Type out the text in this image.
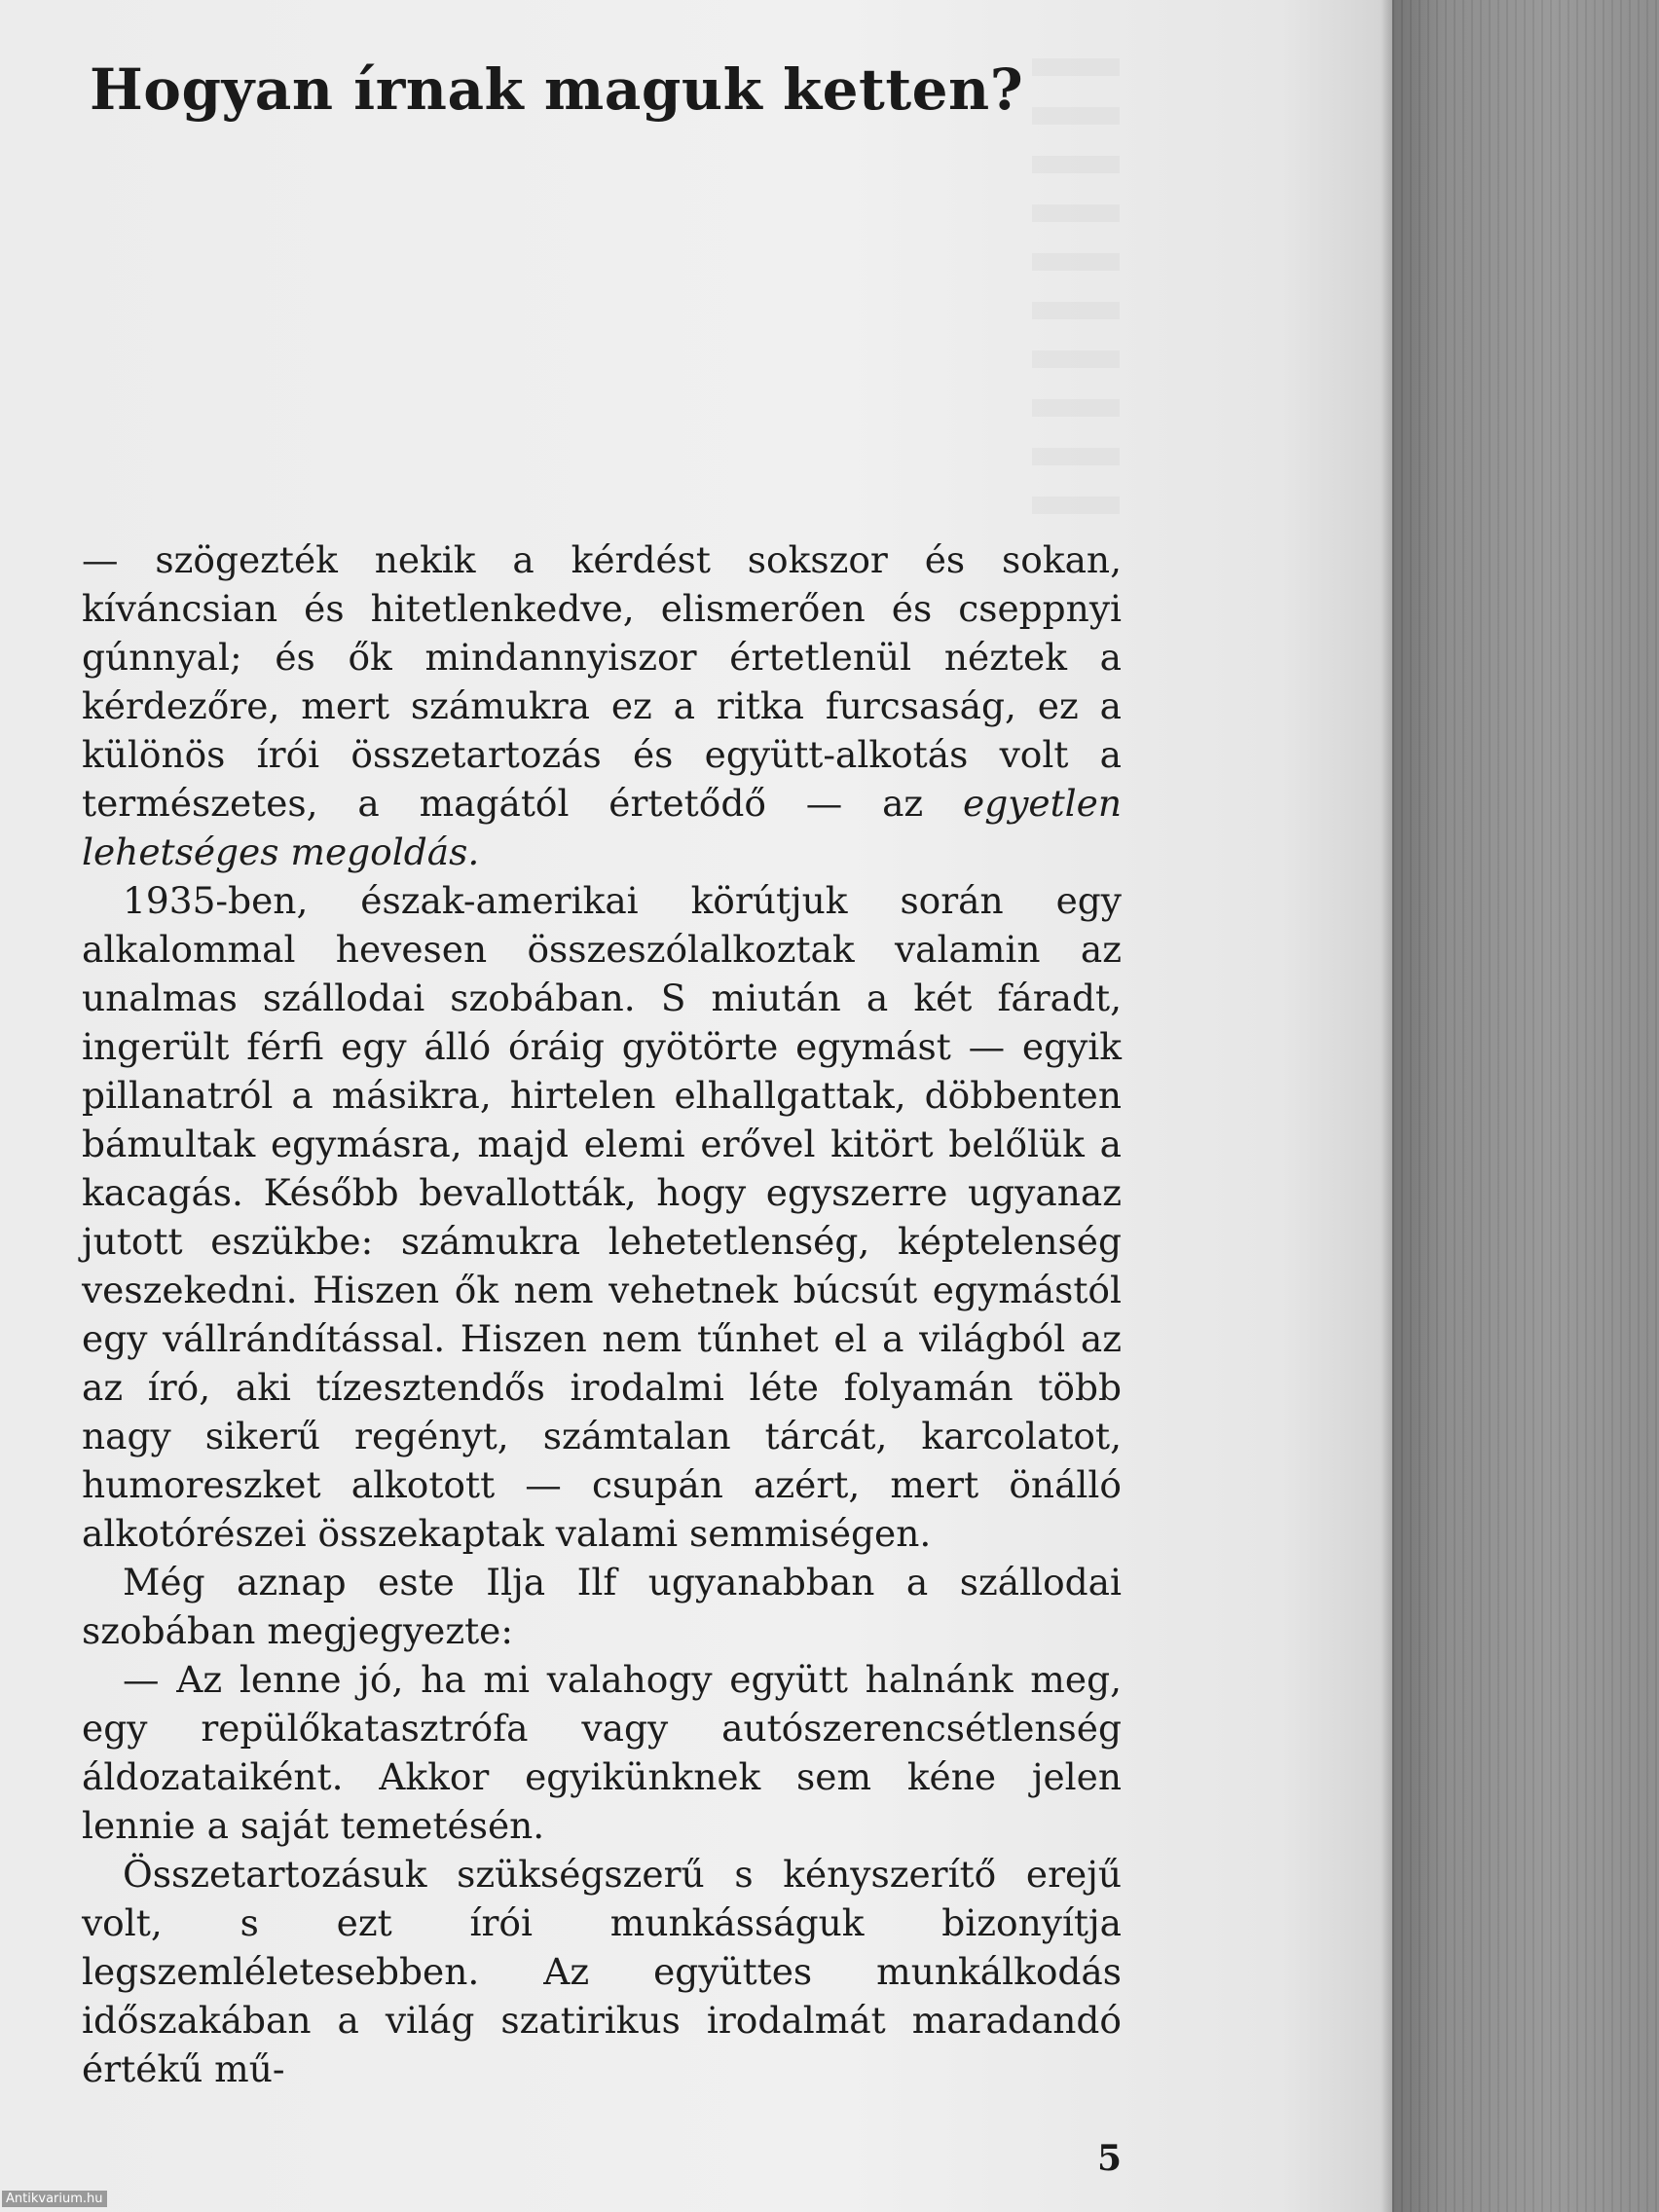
Hogyan írnak maguk ketten?

— szögezték nekik a kérdést sokszor és sokan, kíváncsian és hitetlenkedve, elismerően és cseppnyi gúnnyal; és ők mindannyiszor értetlenül néztek a kérdezőre, mert számukra ez a ritka furcsaság, ez a különös írói összetartozás és együtt-alkotás volt a természetes, a magától értetődő — az egyetlen lehetséges megoldás.

1935-ben, észak-amerikai körútjuk során egy alkalommal hevesen összeszólalkoztak valamin az unalmas szállodai szobában. S miután a két fáradt, ingerült férfi egy álló óráig gyötörte egymást — egyik pillanatról a másikra, hirtelen elhallgattak, döbbenten bámultak egymásra, majd elemi erővel kitört belőlük a kacagás. Később bevallották, hogy egyszerre ugyanaz jutott eszükbe: számukra lehetetlenség, képtelenség veszekedni. Hiszen ők nem vehetnek búcsút egymástól egy vállrándítással. Hiszen nem tűnhet el a világból az az író, aki tízesztendős irodalmi léte folyamán több nagy sikerű regényt, számtalan tárcát, karcolatot, humoreszket alkotott — csupán azért, mert önálló alkotórészei összekaptak valami semmiségen.

Még aznap este Ilja Ilf ugyanabban a szállodai szobában megjegyezte:

— Az lenne jó, ha mi valahogy együtt halnánk meg, egy repülőkatasztrófa vagy autószerencsétlenség áldozataiként. Akkor egyikünknek sem kéne jelen lennie a saját temetésén.

Összetartozásuk szükségszerű s kényszerítő erejű volt, s ezt írói munkásságuk bizonyítja legszemléletesebben. Az együttes munkálkodás időszakában a világ szatirikus irodalmát maradandó értékű mű-

5
Antikvarium.hu
